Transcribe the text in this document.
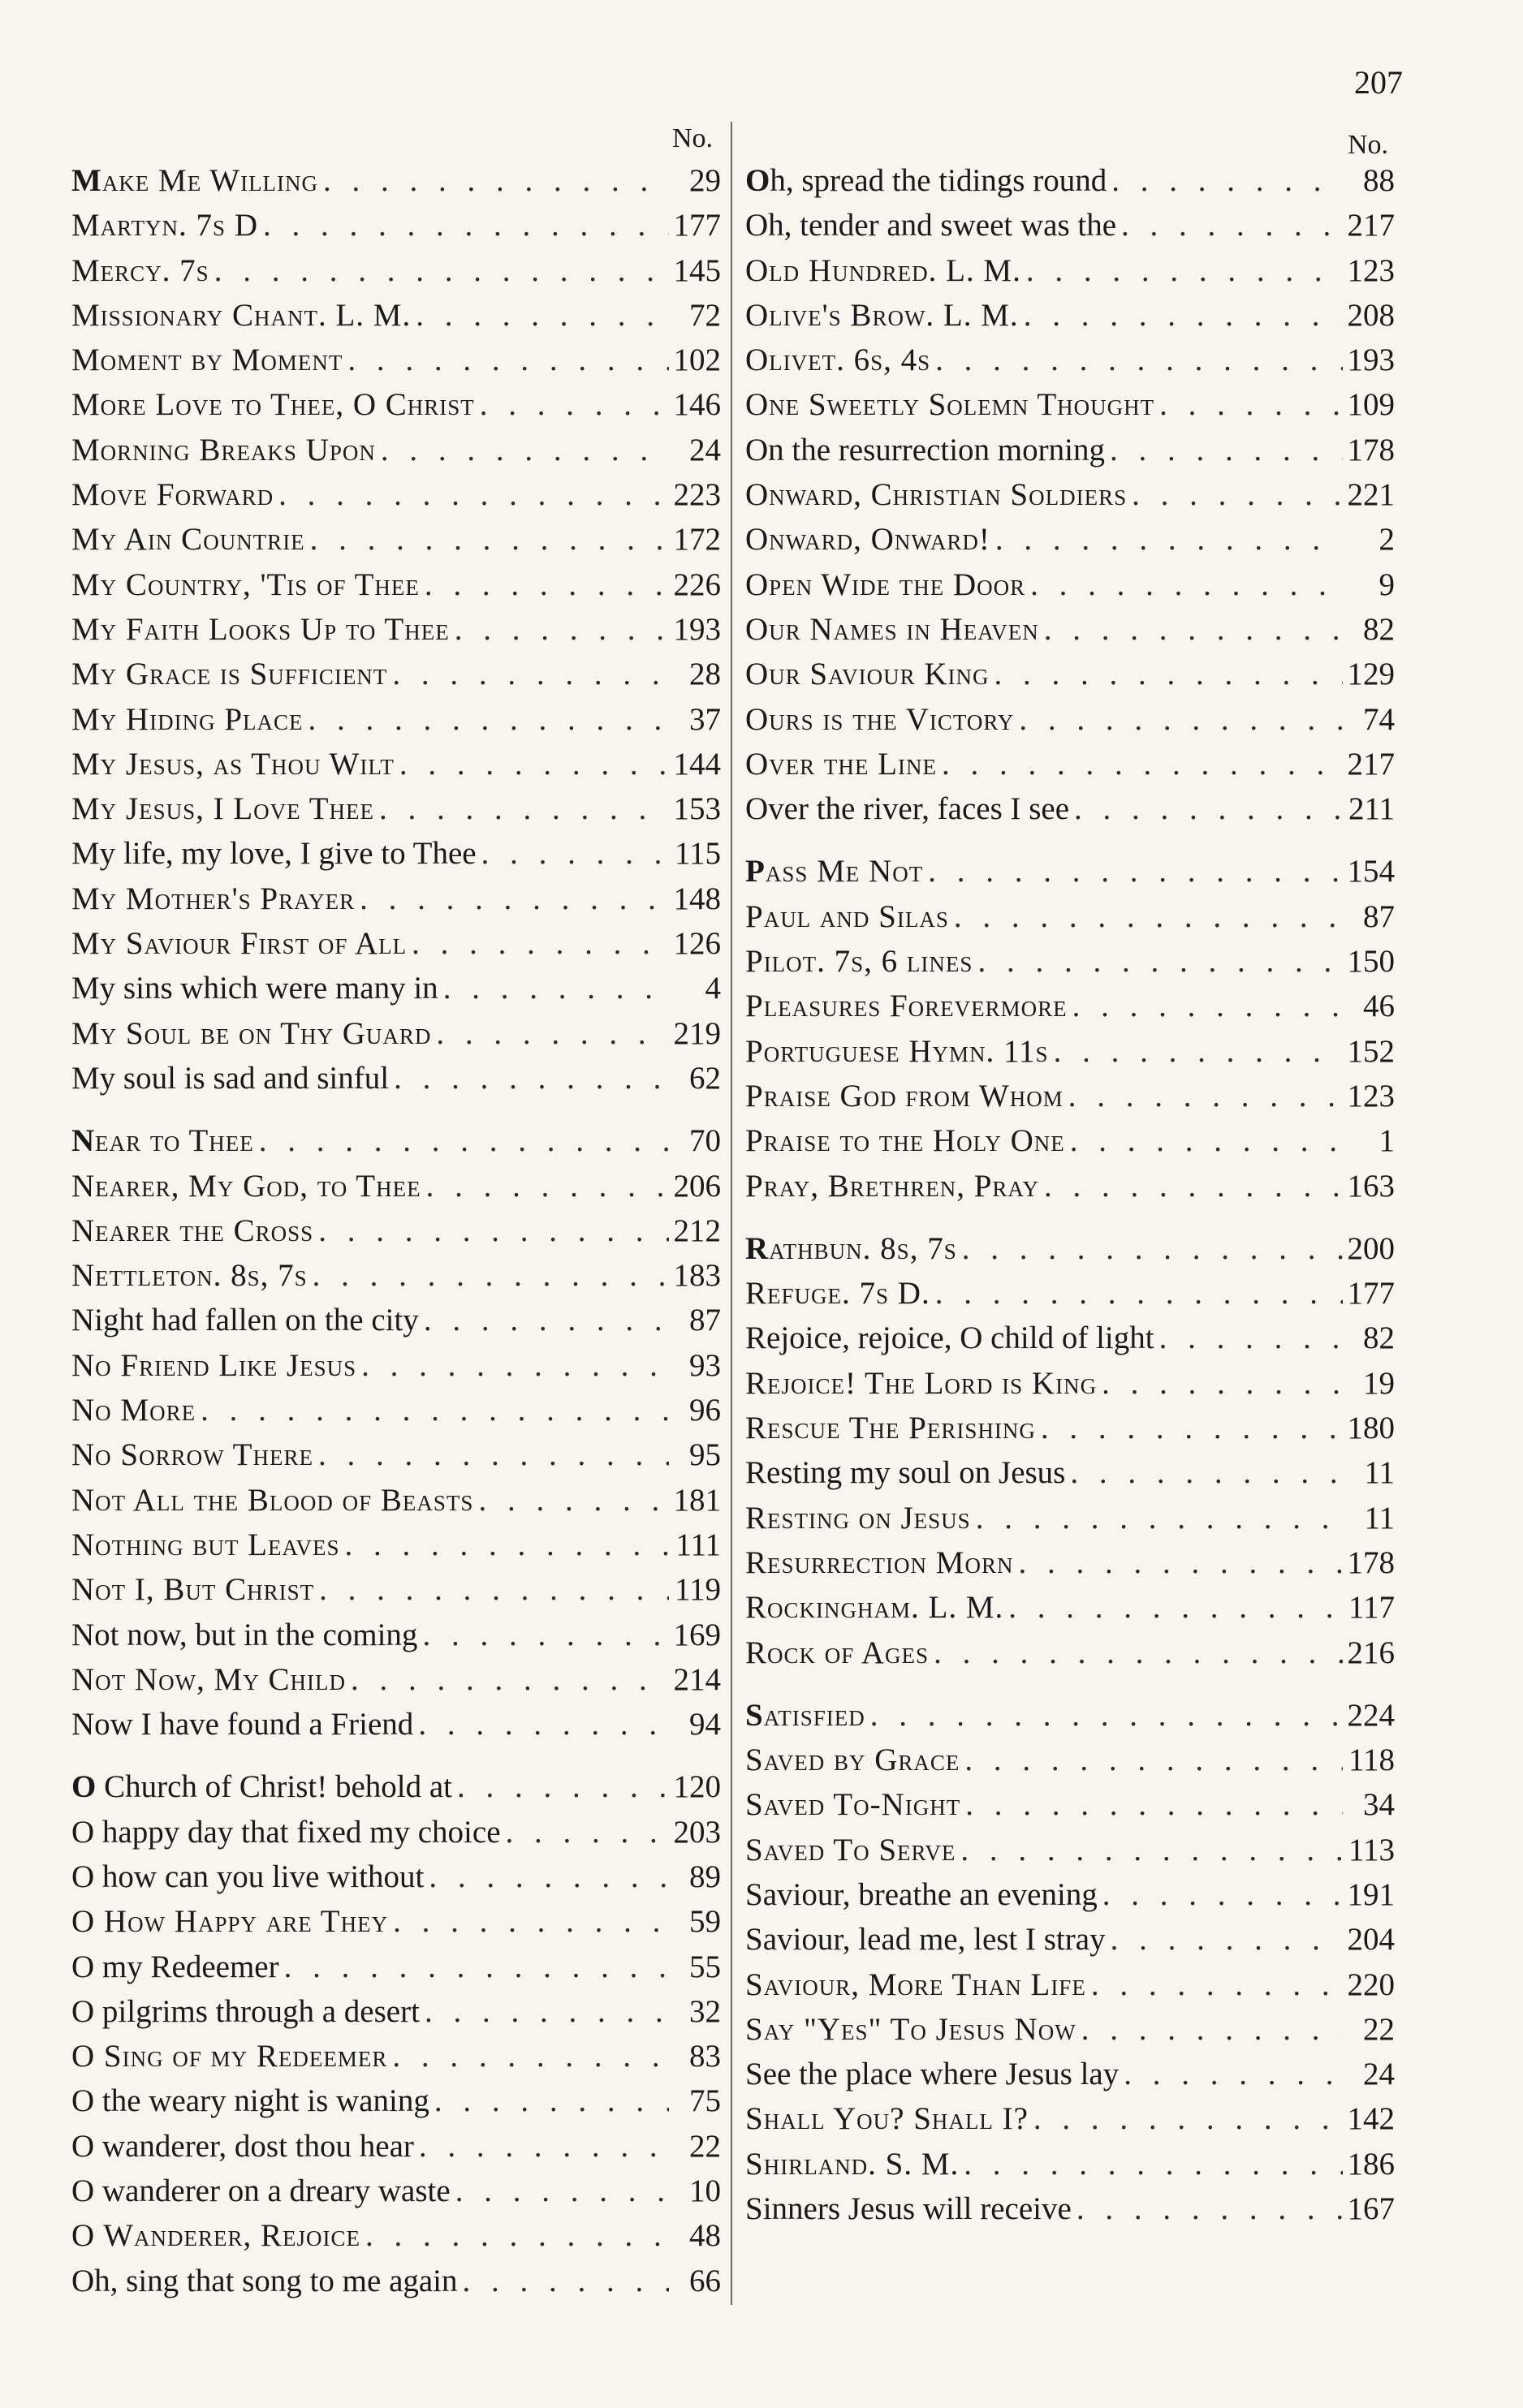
207
No.	No.
Make Me Willing . . .	29
Martyn. 7s D . . .	177
Mercy. 7s . . .	145
Missionary Chant. L. M. . . .	72
Moment by Moment . . .	102
More Love to Thee, O Christ . . .	146
Morning Breaks Upon . . .	24
Move Forward . . .	223
My Ain Countrie . . .	172
My Country, 'Tis of Thee . . .	226
My Faith Looks Up to Thee . . .	193
My Grace is Sufficient . . .	28
My Hiding Place . . .	37
My Jesus, as Thou Wilt . . .	144
My Jesus, I Love Thee . . .	153
My life, my love, I give to Thee . . .	115
My Mother's Prayer . . .	148
My Saviour First of All . . .	126
My sins which were many in . . .	4
My Soul be on Thy Guard . . .	219
My soul is sad and sinful . . .	62
Near to Thee . . .	70
Nearer, My God, to Thee . . .	206
Nearer the Cross . . .	212
Nettleton. 8s, 7s . . .	183
Night had fallen on the city . . .	87
No Friend Like Jesus . . .	93
No More . . .	96
No Sorrow There . . .	95
Not All the Blood of Beasts . . .	181
Nothing but Leaves . . .	111
Not I, But Christ . . .	119
Not now, but in the coming . . .	169
Not Now, My Child . . .	214
Now I have found a Friend . . .	94
O Church of Christ! behold at . . .	120
O happy day that fixed my choice . . .	203
O how can you live without . . .	89
O How Happy are They . . .	59
O my Redeemer . . .	55
O pilgrims through a desert . . .	32
O Sing of my Redeemer . . .	83
O the weary night is waning . . .	75
O wanderer, dost thou hear . . .	22
O wanderer on a dreary waste . . .	10
O Wanderer, Rejoice . . .	48
Oh, sing that song to me again . . .	66
Oh, spread the tidings round . . .	88
Oh, tender and sweet was the . . .	217
Old Hundred. L. M. . . .	123
Olive's Brow. L. M. . . .	208
Olivet. 6s, 4s . . .	193
One Sweetly Solemn Thought . . .	109
On the resurrection morning . . .	178
Onward, Christian Soldiers . . .	221
Onward, Onward! . . .	2
Open Wide the Door . . .	9
Our Names in Heaven . . .	82
Our Saviour King . . .	129
Ours is the Victory . . .	74
Over the Line . . .	217
Over the river, faces I see . . .	211
Pass Me Not . . .	154
Paul and Silas . . .	87
Pilot. 7s, 6 lines . . .	150
Pleasures Forevermore . . .	46
Portuguese Hymn. 11s . . .	152
Praise God from Whom . . .	123
Praise to the Holy One . . .	1
Pray, Brethren, Pray . . .	163
Rathbun. 8s, 7s . . .	200
Refuge. 7s D. . . .	177
Rejoice, rejoice, O child of light . . .	82
Rejoice! The Lord is King . . .	19
Rescue The Perishing . . .	180
Resting my soul on Jesus . . .	11
Resting on Jesus . . .	11
Resurrection Morn . . .	178
Rockingham. L. M. . . .	117
Rock of Ages . . .	216
Satisfied . . .	224
Saved by Grace . . .	118
Saved To-Night . . .	34
Saved To Serve . . .	113
Saviour, breathe an evening . . .	191
Saviour, lead me, lest I stray . . .	204
Saviour, More Than Life . . .	220
Say "Yes" To Jesus Now . . .	22
See the place where Jesus lay . . .	24
Shall You? Shall I? . . .	142
Shirland. S. M. . . .	186
Sinners Jesus will receive . . .	167
